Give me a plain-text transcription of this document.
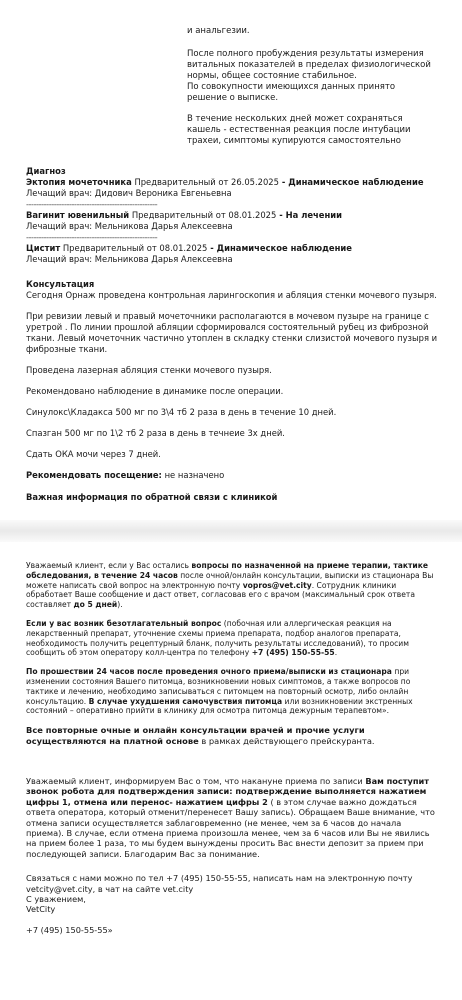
и анальгезии.

После полного пробуждения результаты измерения витальных показателей в пределах физиологической нормы, общее состояние стабильное.

По совокупности имеющихся данных принято решение о выписке.

В течение нескольких дней может сохраняться кашель - естественная реакция после интубации трахеи, симптомы купируются самостоятельно

Диагноз

Эктопия мочеточника Предварительный от 26.05.2025 - Динамическое наблюдение

Лечащий врач: Дидович Вероника Евгеньевна

----------------------------------------------------

Вагинит ювенильный Предварительный от 08.01.2025 - На лечении

Лечащий врач: Мельникова Дарья Алексеевна

----------------------------------------------------

Цистит Предварительный от 08.01.2025 - Динамическое наблюдение

Лечащий врач: Мельникова Дарья Алексеевна

Консультация

Сегодня Орнаж проведена контрольная ларингоскопия и абляция стенки мочевого пузыря.

При ревизии левый и правый мочеточники располагаются в мочевом пузыре на границе с уретрой . По линии прошлой абляции сформировался состоятельный рубец из фиброзной ткани. Левый мочеточник частично утоплен в складку стенки слизистой мочевого пузыря и фиброзные ткани.

Проведена лазерная абляция стенки мочевого пузыря.

Рекомендовано наблюдение в динамике после операции.

Синулокс\Кладакса 500 мг по 3\4 тб 2 раза в день в течение 10 дней.

Спазган 500 мг по 1\2 тб 2 раза в день в течнеие 3х дней.

Сдать ОКА мочи через 7 дней.

Рекомендовать посещение: не назначено

Важная информация по обратной связи с клиникой

Уважаемый клиент, если у Вас остались вопросы по назначенной на приеме терапии, тактике обследования, в течение 24 часов после очной/онлайн консультации, выписки из стационара Вы можете написать свой вопрос на электронную почту vopros@vet.city. Сотрудник клиники обработает Ваше сообщение и даст ответ, согласовав его с врачом (максимальный срок ответа составляет до 5 дней).

Если у вас возник безотлагательный вопрос (побочная или аллергическая реакция на лекарственный препарат, уточнение схемы приема препарата, подбор аналогов препарата, необходимость получить рецептурный бланк, получить результаты исследований), то просим сообщить об этом оператору колл-центра по телефону +7 (495) 150-55-55.

По прошествии 24 часов после проведения очного приема/выписки из стационара при изменении состояния Вашего питомца, возникновении новых симптомов, а также вопросов по тактике и лечению, необходимо записываться с питомцем на повторный осмотр, либо онлайн консультацию. В случае ухудшения самочувствия питомца или возникновении экстренных состояний – оперативно прийти в клинику для осмотра питомца дежурным терапевтом».

Все повторные очные и онлайн консультации врачей и прочие услуги осуществляются на платной основе в рамках действующего прейскуранта.

Уважаемый клиент, информируем Вас о том, что накануне приема по записи Вам поступит звонок робота для подтверждения записи: подтверждение выполняется нажатием цифры 1, отмена или перенос- нажатием цифры 2 ( в этом случае важно дождаться ответа оператора, который отменит/перенесет Вашу запись). Обращаем Ваше внимание, что отмена записи осуществляется заблаговременно (не менее, чем за 6 часов до начала приема). В случае, если отмена приема произошла менее, чем за 6 часов или Вы не явились на прием более 1 раза, то мы будем вынуждены просить Вас внести депозит за прием при последующей записи. Благодарим Вас за понимание.

Связаться с нами можно по тел +7 (495) 150-55-55, написать нам на электронную почту vetcity@vet.city, в чат на сайте vet.city

С уважением,

VetCity

+7 (495) 150-55-55»
